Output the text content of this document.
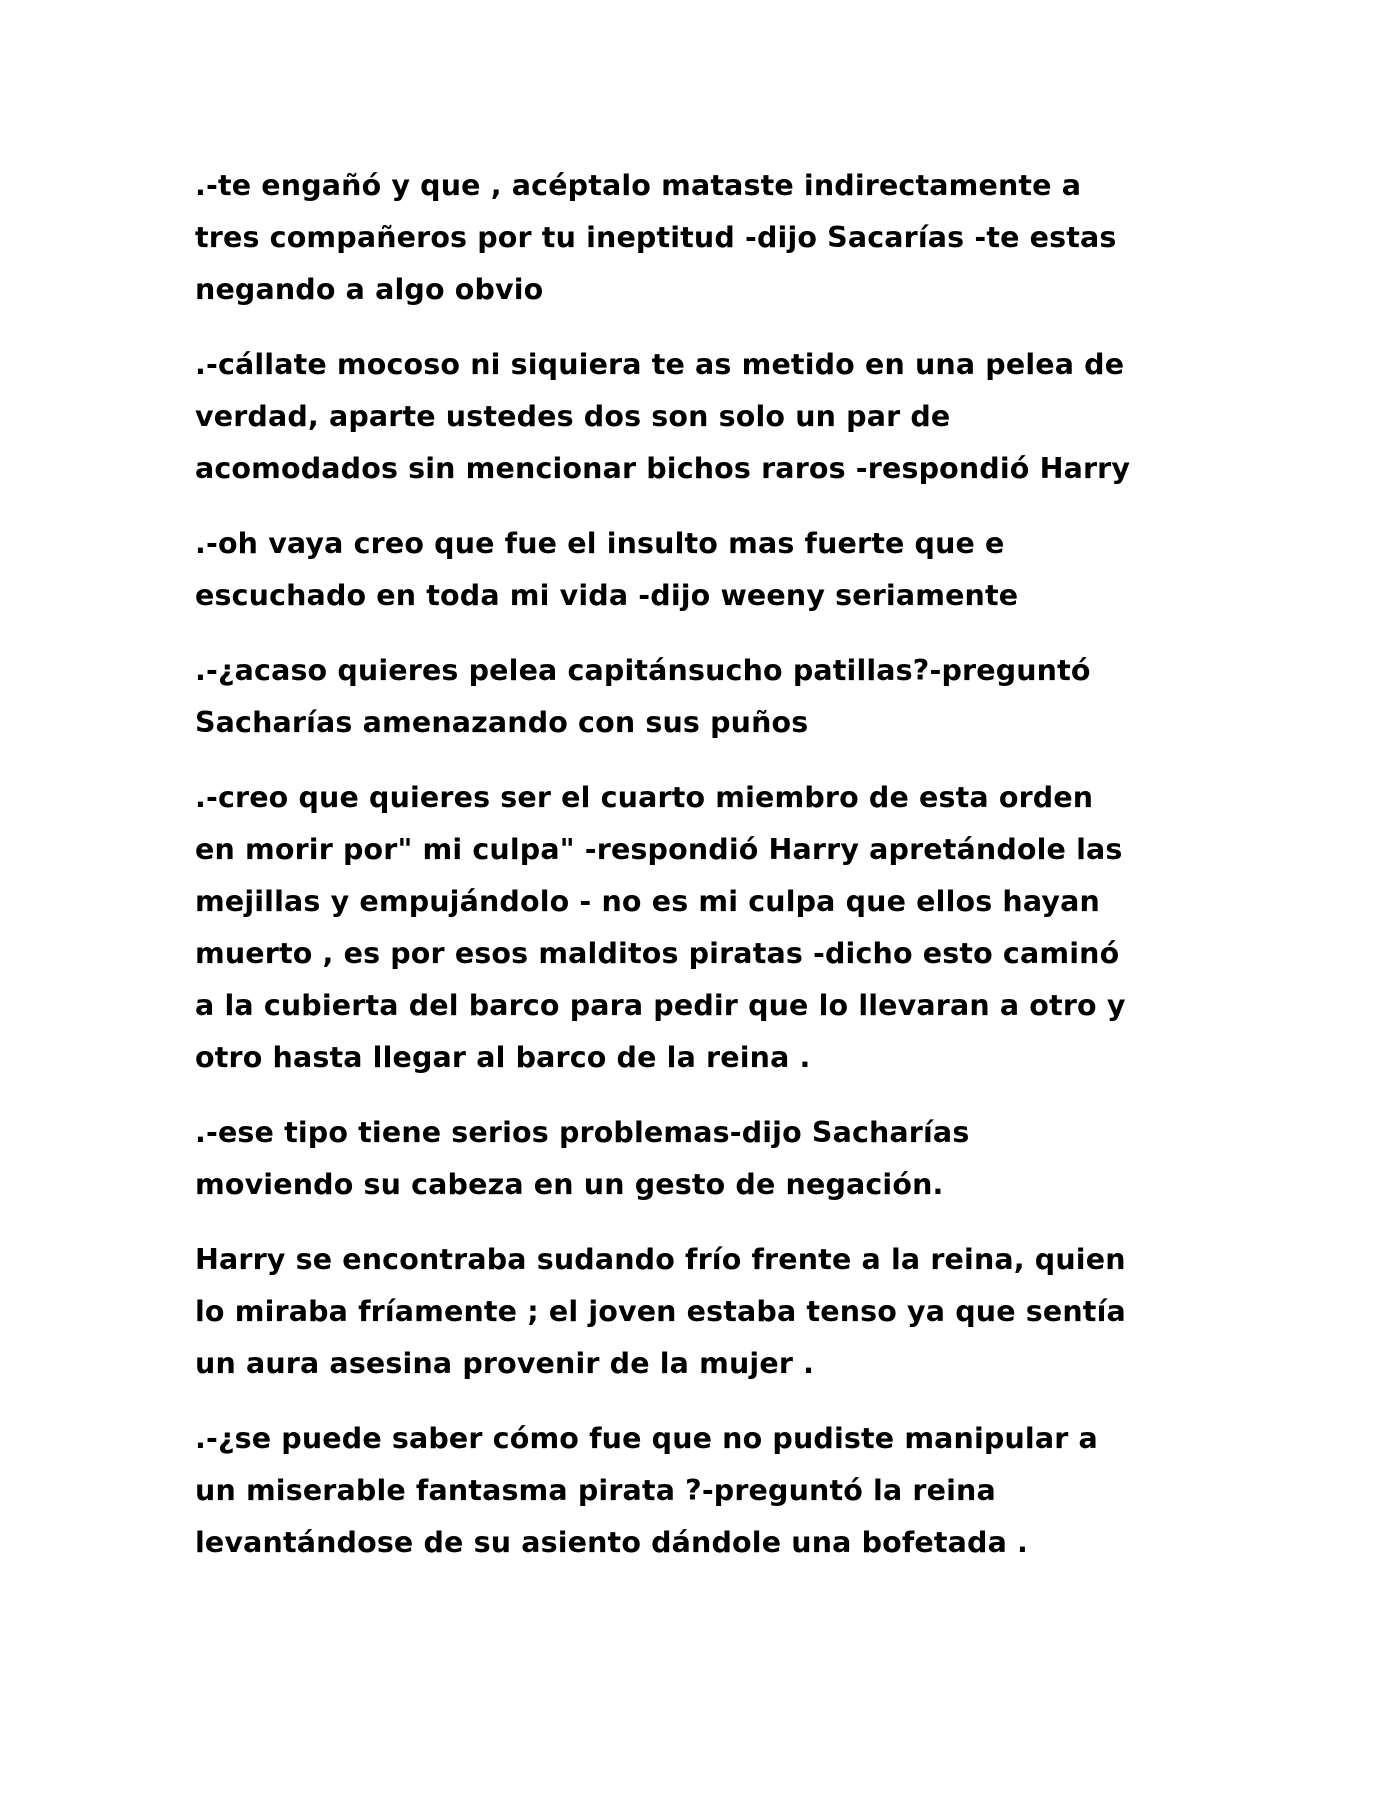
.-te engañó y que , acéptalo mataste indirectamente a
tres compañeros por tu ineptitud -dijo Sacarías -te estas
negando a algo obvio

.-cállate mocoso ni siquiera te as metido en una pelea de
verdad, aparte ustedes dos son solo un par de
acomodados sin mencionar bichos raros -respondió Harry

.-oh vaya creo que fue el insulto mas fuerte que e
escuchado en toda mi vida -dijo weeny seriamente

.-¿acaso quieres pelea capitánsucho patillas?-preguntó
Sacharías amenazando con sus puños

.-creo que quieres ser el cuarto miembro de esta orden
en morir por" mi culpa" -respondió Harry apretándole las
mejillas y empujándolo - no es mi culpa que ellos hayan
muerto , es por esos malditos piratas -dicho esto caminó
a la cubierta del barco para pedir que lo llevaran a otro y
otro hasta llegar al barco de la reina .

.-ese tipo tiene serios problemas-dijo Sacharías
moviendo su cabeza en un gesto de negación.

Harry se encontraba sudando frío frente a la reina, quien
lo miraba fríamente ; el joven estaba tenso ya que sentía
un aura asesina provenir de la mujer .

.-¿se puede saber cómo fue que no pudiste manipular a
un miserable fantasma pirata ?-preguntó la reina
levantándose de su asiento dándole una bofetada .
